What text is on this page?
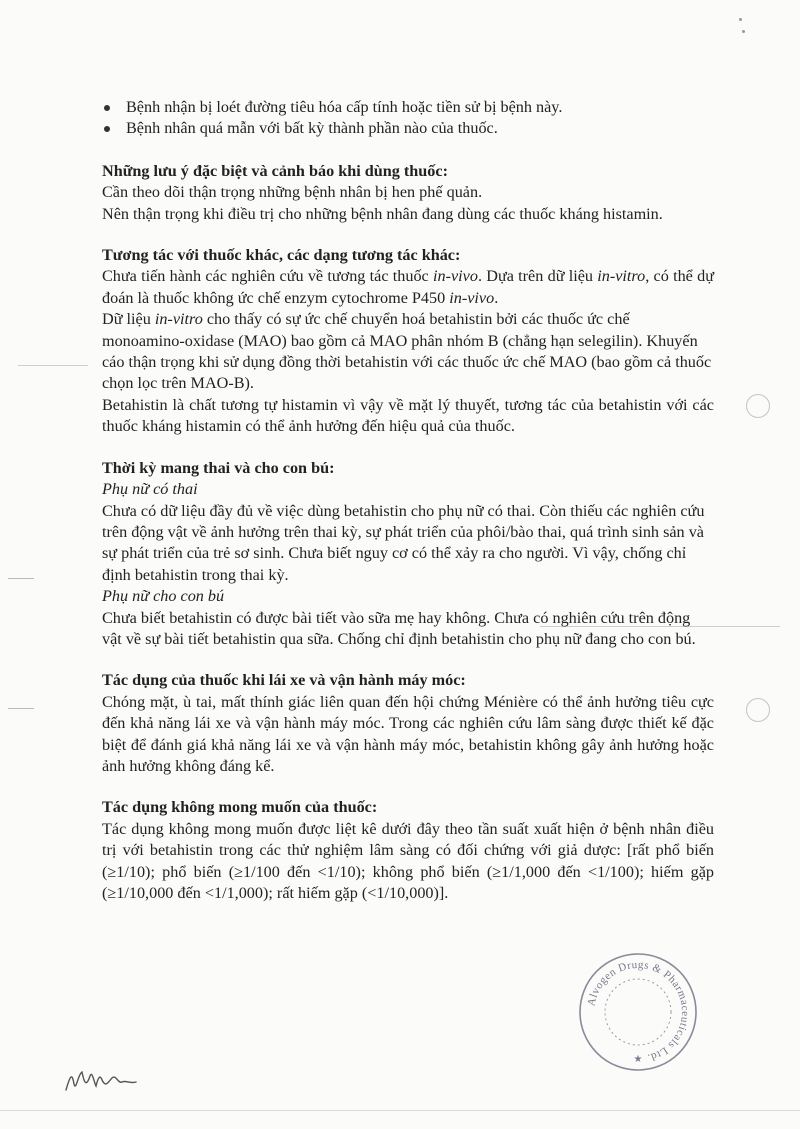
Bệnh nhận bị loét đường tiêu hóa cấp tính hoặc tiền sử bị bệnh này.
Bệnh nhân quá mẫn với bất kỳ thành phần nào của thuốc.

Những lưu ý đặc biệt và cảnh báo khi dùng thuốc:

Cần theo dõi thận trọng những bệnh nhân bị hen phế quản.

Nên thận trọng khi điều trị cho những bệnh nhân đang dùng các thuốc kháng histamin.

Tương tác với thuốc khác, các dạng tương tác khác:

Chưa tiến hành các nghiên cứu về tương tác thuốc in-vivo. Dựa trên dữ liệu in-vitro, có thể dự đoán là thuốc không ức chế enzym cytochrome P450 in-vivo.

Dữ liệu in-vitro cho thấy có sự ức chế chuyển hoá betahistin bởi các thuốc ức chế monoamino-oxidase (MAO) bao gồm cả MAO phân nhóm B (chẳng hạn selegilin). Khuyến cáo thận trọng khi sử dụng đồng thời betahistin với các thuốc ức chế MAO (bao gồm cả thuốc chọn lọc trên MAO-B).

Betahistin là chất tương tự histamin vì vậy về mặt lý thuyết, tương tác của betahistin với các thuốc kháng histamin có thể ảnh hưởng đến hiệu quả của thuốc.

Thời kỳ mang thai và cho con bú:

Phụ nữ có thai

Chưa có dữ liệu đầy đủ về việc dùng betahistin cho phụ nữ có thai. Còn thiếu các nghiên cứu trên động vật về ảnh hưởng trên thai kỳ, sự phát triển của phôi/bào thai, quá trình sinh sản và sự phát triển của trẻ sơ sinh. Chưa biết nguy cơ có thể xảy ra cho người. Vì vậy, chống chỉ định betahistin trong thai kỳ.

Phụ nữ cho con bú

Chưa biết betahistin có được bài tiết vào sữa mẹ hay không. Chưa có nghiên cứu trên động vật về sự bài tiết betahistin qua sữa. Chống chỉ định betahistin cho phụ nữ đang cho con bú.

Tác dụng của thuốc khi lái xe và vận hành máy móc:

Chóng mặt, ù tai, mất thính giác liên quan đến hội chứng Ménière có thể ảnh hưởng tiêu cực đến khả năng lái xe và vận hành máy móc. Trong các nghiên cứu lâm sàng được thiết kế đặc biệt để đánh giá khả năng lái xe và vận hành máy móc, betahistin không gây ảnh hưởng hoặc ảnh hưởng không đáng kể.

Tác dụng không mong muốn của thuốc:

Tác dụng không mong muốn được liệt kê dưới đây theo tần suất xuất hiện ở bệnh nhân điều trị với betahistin trong các thử nghiệm lâm sàng có đối chứng với giả dược: [rất phổ biến (≥1/10); phổ biến (≥1/100 đến <1/10); không phổ biến (≥1/1,000 đến <1/100); hiếm gặp (≥1/10,000 đến <1/1,000); rất hiếm gặp (<1/10,000)].

Alvogen Drugs & Pharmaceuticals Ltd.
★
